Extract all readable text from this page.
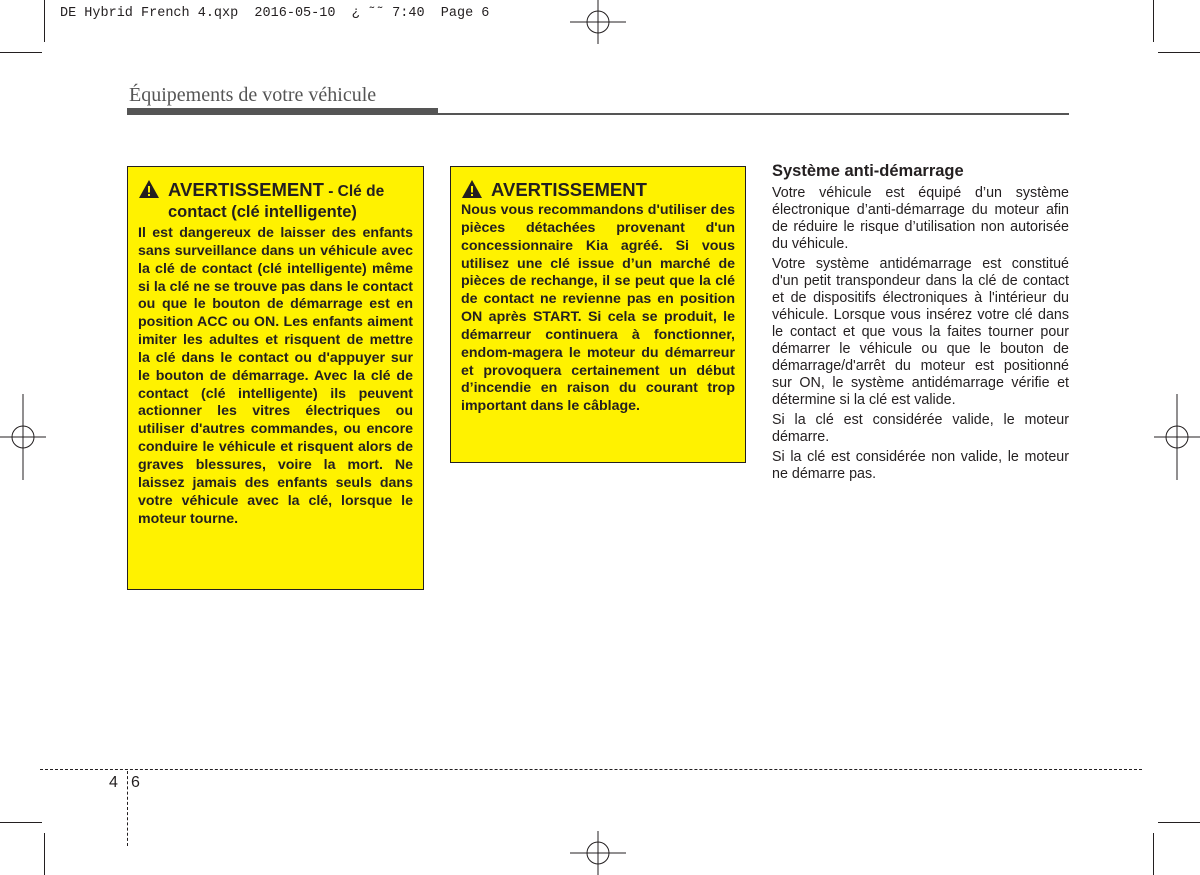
DE Hybrid French 4.qxp  2016-05-10  ¿ ˜˜ 7:40  Page 6
Équipements de votre véhicule
AVERTISSEMENT - Clé de
contact (clé intelligente)
Il est dangereux de laisser des enfants sans surveillance dans un véhicule avec la clé de contact (clé intelligente) même si la clé ne se trouve pas dans le contact ou que le bouton de démarrage est en position ACC ou ON. Les enfants aiment imiter les adultes et risquent de mettre la clé dans le contact ou d'appuyer sur le bouton de démarrage. Avec la clé de contact (clé intelligente) ils peuvent actionner les vitres électriques ou utiliser d'autres commandes, ou encore conduire le véhicule et risquent alors de graves blessures, voire la mort. Ne laissez jamais des enfants seuls dans votre véhicule avec la clé, lorsque le moteur tourne.
AVERTISSEMENT
Nous vous recommandons d'utiliser des pièces détachées provenant d'un concessionnaire Kia agréé. Si vous utilisez une clé issue d’un marché de pièces de rechange, il se peut que la clé de contact ne revienne pas en position ON après START. Si cela se produit, le démarreur continuera à fonctionner, endom-magera le moteur du démarreur et provoquera certainement un début d’incendie en raison du courant trop important dans le câblage.
Système anti-démarrage

Votre véhicule est équipé d’un système électronique d’anti-démarrage du moteur afin de réduire le risque d’utilisation non autorisée du véhicule.

Votre système antidémarrage est constitué d'un petit transpondeur dans la clé de contact et de dispositifs électroniques à l'intérieur du véhicule. Lorsque vous insérez votre clé dans le contact et que vous la faites tourner pour démarrer le véhicule ou que le bouton de démarrage/d'arrêt du moteur est positionné sur ON, le système antidémarrage vérifie et détermine si la clé est valide.

Si la clé est considérée valide, le moteur démarre.

Si la clé est considérée non valide, le moteur ne démarre pas.

4 6
